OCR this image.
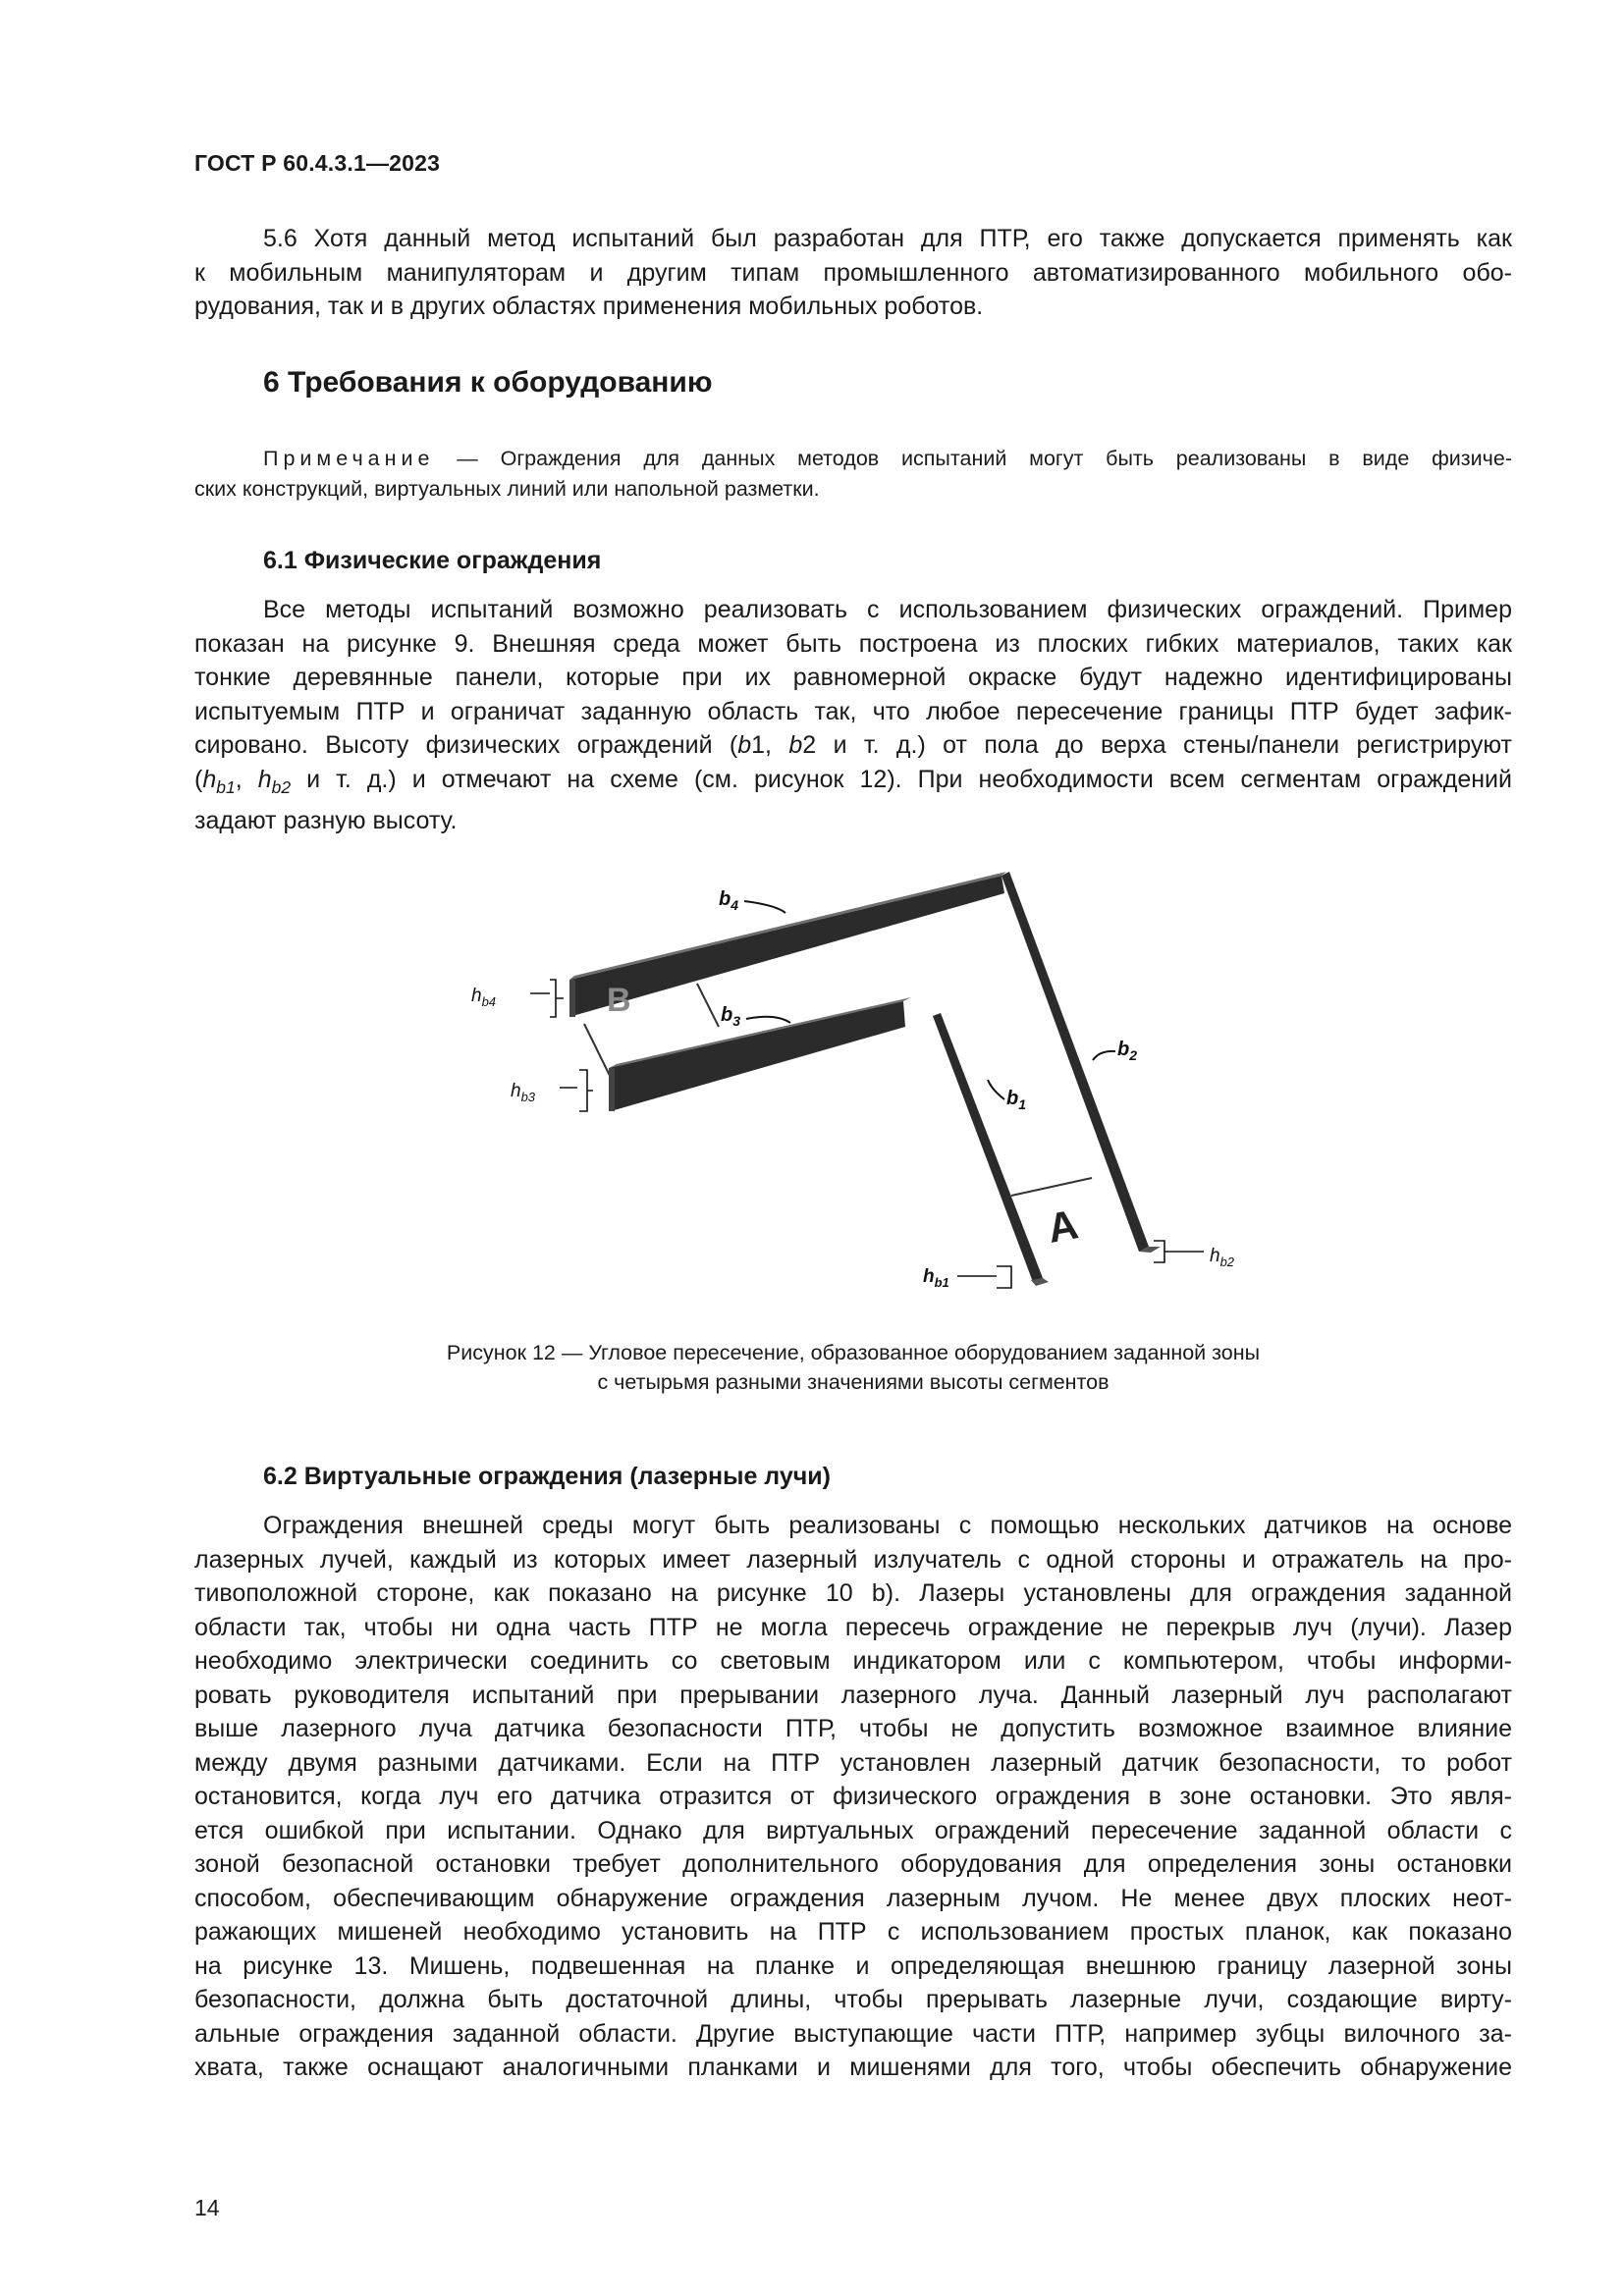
ГОСТ Р 60.4.3.1—2023
5.6 Хотя данный метод испытаний был разработан для ПТР, его также допускается применять как
к мобильным манипуляторам и другим типам промышленного автоматизированного мобильного обо-
рудования, так и в других областях применения мобильных роботов.
6 Требования к оборудованию
Примечание — Ограждения для данных методов испытаний могут быть реализованы в виде физиче-
ских конструкций, виртуальных линий или напольной разметки.
6.1 Физические ограждения
Все методы испытаний возможно реализовать с использованием физических ограждений. Пример
показан на рисунке 9. Внешняя среда может быть построена из плоских гибких материалов, таких как
тонкие деревянные панели, которые при их равномерной окраске будут надежно идентифицированы
испытуемым ПТР и ограничат заданную область так, что любое пересечение границы ПТР будет зафик-
сировано. Высоту физических ограждений (b1, b2 и т. д.) от пола до верха стены/панели регистрируют
($h_{b1}$, $h_{b2}$ и т. д.) и отмечают на схеме (см. рисунок 12). При необходимости всем сегментам ограждений
задают разную высоту.
B
A
$b_4$
$b_3$
$b_1$
$b_2$
$h_{b4}$
$h_{b3}$
$h_{b1}$
$h_{b2}$
Рисунок 12 — Угловое пересечение, образованное оборудованием заданной зоны
с четырьмя разными значениями высоты сегментов
6.2 Виртуальные ограждения (лазерные лучи)
Ограждения внешней среды могут быть реализованы с помощью нескольких датчиков на основе
лазерных лучей, каждый из которых имеет лазерный излучатель с одной стороны и отражатель на про-
тивоположной стороне, как показано на рисунке 10 b). Лазеры установлены для ограждения заданной
области так, чтобы ни одна часть ПТР не могла пересечь ограждение не перекрыв луч (лучи). Лазер
необходимо электрически соединить со световым индикатором или с компьютером, чтобы информи-
ровать руководителя испытаний при прерывании лазерного луча. Данный лазерный луч располагают
выше лазерного луча датчика безопасности ПТР, чтобы не допустить возможное взаимное влияние
между двумя разными датчиками. Если на ПТР установлен лазерный датчик безопасности, то робот
остановится, когда луч его датчика отразится от физического ограждения в зоне остановки. Это явля-
ется ошибкой при испытании. Однако для виртуальных ограждений пересечение заданной области с
зоной безопасной остановки требует дополнительного оборудования для определения зоны остановки
способом, обеспечивающим обнаружение ограждения лазерным лучом. Не менее двух плоских неот-
ражающих мишеней необходимо установить на ПТР с использованием простых планок, как показано
на рисунке 13. Мишень, подвешенная на планке и определяющая внешнюю границу лазерной зоны
безопасности, должна быть достаточной длины, чтобы прерывать лазерные лучи, создающие вирту-
альные ограждения заданной области. Другие выступающие части ПТР, например зубцы вилочного за-
хвата, также оснащают аналогичными планками и мишенями для того, чтобы обеспечить обнаружение
14
